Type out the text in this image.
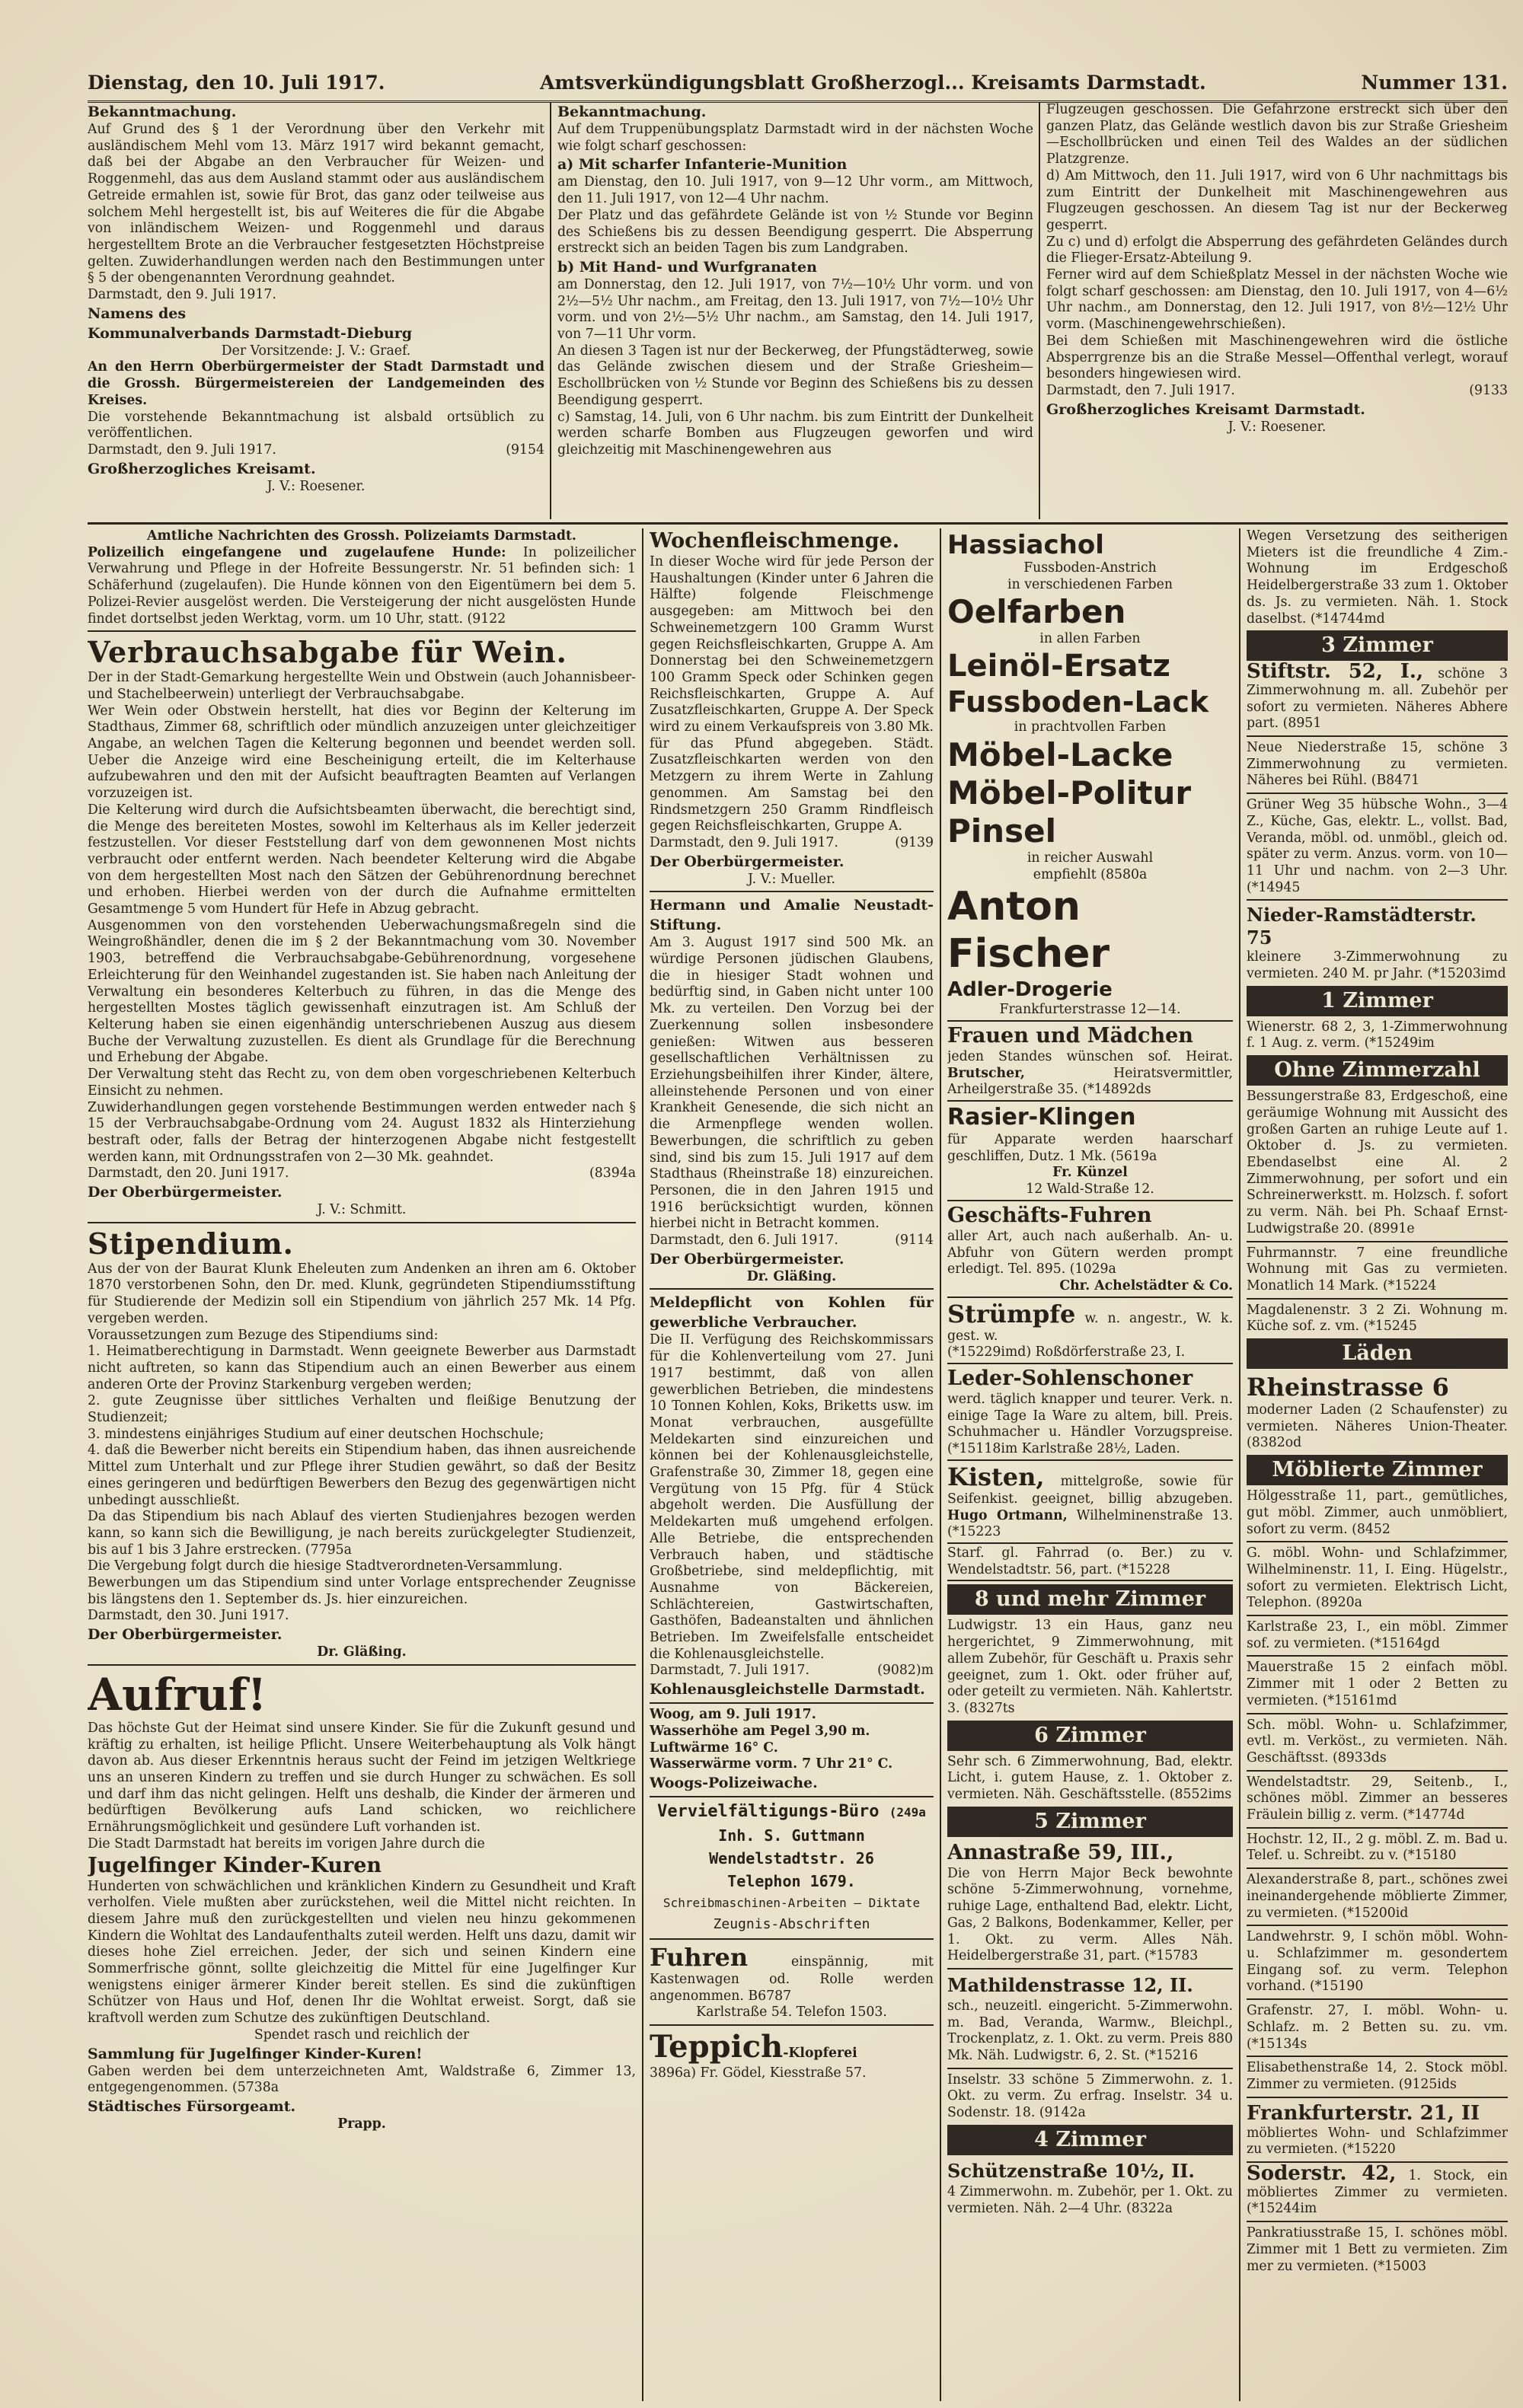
Dienstag, den 10. Juli 1917.	Amtsverkündigungsblatt Großherzogl... Kreisamts Darmstadt.	Nummer 131.

Bekanntmachung.

Auf Grund des § 1 der Verordnung über den Verkehr mit ausländischem Mehl vom 13. März 1917 wird bekannt gemacht, daß bei der Abgabe an den Verbraucher für Weizen- und Roggenmehl, das aus dem Ausland stammt oder aus ausländischem Getreide ermahlen ist, sowie für Brot, das ganz oder teilweise aus solchem Mehl hergestellt ist, bis auf Weiteres die für die Abgabe von inländischem Weizen- und Roggenmehl und daraus hergestelltem Brote an die Verbraucher festgesetzten Höchstpreise gelten. Zuwiderhandlungen werden nach den Bestimmungen unter § 5 der obengenannten Verordnung geahndet.

Darmstadt, den 9. Juli 1917.

Namens des

Kommunalverbands Darmstadt-Dieburg

Der Vorsitzende: J. V.: Graef.

An den Herrn Oberbürgermeister der Stadt Darmstadt und die Grossh. Bürgermeistereien der Landgemeinden des Kreises.

Die vorstehende Bekanntmachung ist alsbald ortsüblich zu veröffentlichen.

Darmstadt, den 9. Juli 1917.	(9154

Großherzogliches Kreisamt.

J. V.: Roesener.

Bekanntmachung.

Auf dem Truppenübungsplatz Darmstadt wird in der nächsten Woche wie folgt scharf geschossen:

a) Mit scharfer Infanterie-Munition

am Dienstag, den 10. Juli 1917, von 9—12 Uhr vorm., am Mittwoch, den 11. Juli 1917, von 12—4 Uhr nachm.

Der Platz und das gefährdete Gelände ist von ½ Stunde vor Beginn des Schießens bis zu dessen Beendigung gesperrt. Die Absperrung erstreckt sich an beiden Tagen bis zum Landgraben.

b) Mit Hand- und Wurfgranaten

am Donnerstag, den 12. Juli 1917, von 7½—10½ Uhr vorm. und von 2½—5½ Uhr nachm., am Freitag, den 13. Juli 1917, von 7½—10½ Uhr vorm. und von 2½—5½ Uhr nachm., am Samstag, den 14. Juli 1917, von 7—11 Uhr vorm.

An diesen 3 Tagen ist nur der Beckerweg, der Pfungstädterweg, sowie das Gelände zwischen diesem und der Straße Griesheim—Eschollbrücken von ½ Stunde vor Beginn des Schießens bis zu dessen Beendigung gesperrt.

c) Samstag, 14. Juli, von 6 Uhr nachm. bis zum Eintritt der Dunkelheit werden scharfe Bomben aus Flugzeugen geworfen und wird gleichzeitig mit Maschinengewehren aus

Flugzeugen geschossen. Die Gefahrzone erstreckt sich über den ganzen Platz, das Gelände westlich davon bis zur Straße Griesheim—Eschollbrücken und einen Teil des Waldes an der südlichen Platzgrenze.

d) Am Mittwoch, den 11. Juli 1917, wird von 6 Uhr nachmittags bis zum Eintritt der Dunkelheit mit Maschinengewehren aus Flugzeugen geschossen. An diesem Tag ist nur der Beckerweg gesperrt.

Zu c) und d) erfolgt die Absperrung des gefährdeten Geländes durch die Flieger-Ersatz-Abteilung 9.

Ferner wird auf dem Schießplatz Messel in der nächsten Woche wie folgt scharf geschossen: am Dienstag, den 10. Juli 1917, von 4—6½ Uhr nachm., am Donnerstag, den 12. Juli 1917, von 8½—12½ Uhr vorm. (Maschinengewehrschießen).

Bei dem Schießen mit Maschinengewehren wird die östliche Absperrgrenze bis an die Straße Messel—Offenthal verlegt, worauf besonders hingewiesen wird.

Darmstadt, den 7. Juli 1917.	(9133

Großherzogliches Kreisamt Darmstadt.

J. V.: Roesener.

Amtliche Nachrichten des Grossh. Polizeiamts Darmstadt.

Polizeilich eingefangene und zugelaufene Hunde: In polizeilicher Verwahrung und Pflege in der Hofreite Bessungerstr. Nr. 51 befinden sich: 1 Schäferhund (zugelaufen). Die Hunde können von den Eigentümern bei dem 5. Polizei-Revier ausgelöst werden. Die Versteigerung der nicht ausgelösten Hunde findet dortselbst jeden Werktag, vorm. um 10 Uhr, statt. (9122

Verbrauchsabgabe für Wein.

Der in der Stadt-Gemarkung hergestellte Wein und Obstwein (auch Johannisbeer- und Stachelbeerwein) unterliegt der Verbrauchsabgabe.

Wer Wein oder Obstwein herstellt, hat dies vor Beginn der Kelterung im Stadthaus, Zimmer 68, schriftlich oder mündlich anzuzeigen unter gleichzeitiger Angabe, an welchen Tagen die Kelterung begonnen und beendet werden soll. Ueber die Anzeige wird eine Bescheinigung erteilt, die im Kelterhause aufzubewahren und den mit der Aufsicht beauftragten Beamten auf Verlangen vorzuzeigen ist.

Die Kelterung wird durch die Aufsichtsbeamten überwacht, die berechtigt sind, die Menge des bereiteten Mostes, sowohl im Kelterhaus als im Keller jederzeit festzustellen. Vor dieser Feststellung darf von dem gewonnenen Most nichts verbraucht oder entfernt werden. Nach beendeter Kelterung wird die Abgabe von dem hergestellten Most nach den Sätzen der Gebührenordnung berechnet und erhoben. Hierbei werden von der durch die Aufnahme ermittelten Gesamtmenge 5 vom Hundert für Hefe in Abzug gebracht.

Ausgenommen von den vorstehenden Ueberwachungsmaßregeln sind die Weingroßhändler, denen die im § 2 der Bekanntmachung vom 30. November 1903, betreffend die Verbrauchsabgabe-Gebührenordnung, vorgesehene Erleichterung für den Weinhandel zugestanden ist. Sie haben nach Anleitung der Verwaltung ein besonderes Kelterbuch zu führen, in das die Menge des hergestellten Mostes täglich gewissenhaft einzutragen ist. Am Schluß der Kelterung haben sie einen eigenhändig unterschriebenen Auszug aus diesem Buche der Verwaltung zuzustellen. Es dient als Grundlage für die Berechnung und Erhebung der Abgabe.

Der Verwaltung steht das Recht zu, von dem oben vorgeschriebenen Kelterbuch Einsicht zu nehmen.

Zuwiderhandlungen gegen vorstehende Bestimmungen werden entweder nach § 15 der Verbrauchsabgabe-Ordnung vom 24. August 1832 als Hinterziehung bestraft oder, falls der Betrag der hinterzogenen Abgabe nicht festgestellt werden kann, mit Ordnungsstrafen von 2—30 Mk. geahndet.

Darmstadt, den 20. Juni 1917.	(8394a

Der Oberbürgermeister.

J. V.: Schmitt.

Stipendium.

Aus der von der Baurat Klunk Eheleuten zum Andenken an ihren am 6. Oktober 1870 verstorbenen Sohn, den Dr. med. Klunk, gegründeten Stipendiumsstiftung für Studierende der Medizin soll ein Stipendium von jährlich 257 Mk. 14 Pfg. vergeben werden.

Voraussetzungen zum Bezuge des Stipendiums sind:

1. Heimatberechtigung in Darmstadt. Wenn geeignete Bewerber aus Darmstadt nicht auftreten, so kann das Stipendium auch an einen Bewerber aus einem anderen Orte der Provinz Starkenburg vergeben werden;

2. gute Zeugnisse über sittliches Verhalten und fleißige Benutzung der Studienzeit;

3. mindestens einjähriges Studium auf einer deutschen Hochschule;

4. daß die Bewerber nicht bereits ein Stipendium haben, das ihnen ausreichende Mittel zum Unterhalt und zur Pflege ihrer Studien gewährt, so daß der Besitz eines geringeren und bedürftigen Bewerbers den Bezug des gegenwärtigen nicht unbedingt ausschließt.

Da das Stipendium bis nach Ablauf des vierten Studienjahres bezogen werden kann, so kann sich die Bewilligung, je nach bereits zurückgelegter Studienzeit, bis auf 1 bis 3 Jahre erstrecken. (7795a

Die Vergebung folgt durch die hiesige Stadtverordneten-Versammlung.

Bewerbungen um das Stipendium sind unter Vorlage entsprechender Zeugnisse bis längstens den 1. September ds. Js. hier einzureichen.

Darmstadt, den 30. Juni 1917.

Der Oberbürgermeister.

Dr. Gläßing.

Aufruf!

Das höchste Gut der Heimat sind unsere Kinder. Sie für die Zukunft gesund und kräftig zu erhalten, ist heilige Pflicht. Unsere Weiterbehauptung als Volk hängt davon ab. Aus dieser Erkenntnis heraus sucht der Feind im jetzigen Weltkriege uns an unseren Kindern zu treffen und sie durch Hunger zu schwächen. Es soll und darf ihm das nicht gelingen. Helft uns deshalb, die Kinder der ärmeren und bedürftigen Bevölkerung aufs Land schicken, wo reichlichere Ernährungsmöglichkeit und gesündere Luft vorhanden ist.

Die Stadt Darmstadt hat bereits im vorigen Jahre durch die

Jugelfinger Kinder-Kuren

Hunderten von schwächlichen und kränklichen Kindern zu Gesundheit und Kraft verholfen. Viele mußten aber zurückstehen, weil die Mittel nicht reichten. In diesem Jahre muß den zurückgestellten und vielen neu hinzu gekommenen Kindern die Wohltat des Landaufenthalts zuteil werden. Helft uns dazu, damit wir dieses hohe Ziel erreichen. Jeder, der sich und seinen Kindern eine Sommerfrische gönnt, sollte gleichzeitig die Mittel für eine Jugelfinger Kur wenigstens einiger ärmerer Kinder bereit stellen. Es sind die zukünftigen Schützer von Haus und Hof, denen Ihr die Wohltat erweist. Sorgt, daß sie kraftvoll werden zum Schutze des zukünftigen Deutschland.

Spendet rasch und reichlich der

Sammlung für Jugelfinger Kinder-Kuren!

Gaben werden bei dem unterzeichneten Amt, Waldstraße 6, Zimmer 13, entgegengenommen. (5738a

Städtisches Fürsorgeamt.

Prapp.

Wochenfleischmenge.

In dieser Woche wird für jede Person der Haushaltungen (Kinder unter 6 Jahren die Hälfte) folgende Fleischmenge ausgegeben: am Mittwoch bei den Schweinemetzgern 100 Gramm Wurst gegen Reichsfleischkarten, Gruppe A. Am Donnerstag bei den Schweinemetzgern 100 Gramm Speck oder Schinken gegen Reichsfleischkarten, Gruppe A. Auf Zusatzfleischkarten, Gruppe A. Der Speck wird zu einem Verkaufspreis von 3.80 Mk. für das Pfund abgegeben. Städt. Zusatzfleischkarten werden von den Metzgern zu ihrem Werte in Zahlung genommen. Am Samstag bei den Rindsmetzgern 250 Gramm Rindfleisch gegen Reichsfleischkarten, Gruppe A.

Darmstadt, den 9. Juli 1917.	(9139

Der Oberbürgermeister.

J. V.: Mueller.

Hermann und Amalie Neustadt-Stiftung.

Am 3. August 1917 sind 500 Mk. an würdige Personen jüdischen Glaubens, die in hiesiger Stadt wohnen und bedürftig sind, in Gaben nicht unter 100 Mk. zu verteilen. Den Vorzug bei der Zuerkennung sollen insbesondere genießen: Witwen aus besseren gesellschaftlichen Verhältnissen zu Erziehungsbeihilfen ihrer Kinder, ältere, alleinstehende Personen und von einer Krankheit Genesende, die sich nicht an die Armenpflege wenden wollen. Bewerbungen, die schriftlich zu geben sind, sind bis zum 15. Juli 1917 auf dem Stadthaus (Rheinstraße 18) einzureichen. Personen, die in den Jahren 1915 und 1916 berücksichtigt wurden, können hierbei nicht in Betracht kommen.

Darmstadt, den 6. Juli 1917.	(9114

Der Oberbürgermeister.

Dr. Gläßing.

Meldepflicht von Kohlen für gewerbliche Verbraucher.

Die II. Verfügung des Reichskommissars für die Kohlenverteilung vom 27. Juni 1917 bestimmt, daß von allen gewerblichen Betrieben, die mindestens 10 Tonnen Kohlen, Koks, Briketts usw. im Monat verbrauchen, ausgefüllte Meldekarten sind einzureichen und können bei der Kohlenausgleichstelle, Grafenstraße 30, Zimmer 18, gegen eine Vergütung von 15 Pfg. für 4 Stück abgeholt werden. Die Ausfüllung der Meldekarten muß umgehend erfolgen. Alle Betriebe, die entsprechenden Verbrauch haben, und städtische Großbetriebe, sind meldepflichtig, mit Ausnahme von Bäckereien, Schlächtereien, Gastwirtschaften, Gasthöfen, Badeanstalten und ähnlichen Betrieben. Im Zweifelsfalle entscheidet die Kohlenausgleichstelle.

Darmstadt, 7. Juli 1917.	(9082)m

Kohlenausgleichstelle Darmstadt.

Woog, am 9. Juli 1917.

Wasserhöhe am Pegel 3,90 m.

Luftwärme 16° C.

Wasserwärme vorm. 7 Uhr 21° C.

Woogs-Polizeiwache.

Vervielfältigungs-Büro (249a

Inh. S. Guttmann

Wendelstadtstr. 26

Telephon 1679.

Schreibmaschinen-Arbeiten — Diktate

Zeugnis-Abschriften

Fuhren	einspännig, mit Kastenwagen od. Rolle werden angenommen. B6787

Karlstraße 54. Telefon 1503.

Teppich-Klopferei

3896a) Fr. Gödel, Kiesstraße 57.

Hassiachol

Fussboden-Anstrich

in verschiedenen Farben

Oelfarben

in allen Farben

Leinöl-Ersatz

Fussboden-Lack

in prachtvollen Farben

Möbel-Lacke

Möbel-Politur

Pinsel

in reicher Auswahl

empfiehlt (8580a

Anton Fischer

Adler-Drogerie

Frankfurterstrasse 12—14.

Frauen und Mädchen

jeden Standes wünschen sof. Heirat. Brutscher,	Heiratsvermittler, Arheilgerstraße 35. (*14892ds

Rasier-Klingen

für Apparate werden haarscharf geschliffen, Dutz. 1 Mk. (5619a

Fr. Künzel

12 Wald-Straße 12.

Geschäfts-Fuhren

aller Art, auch nach außerhalb. An- u. Abfuhr von Gütern werden prompt erledigt. Tel. 895. (1029a

Chr. Achelstädter & Co.

Strümpfe w. n. angestr., W. k. gest. w.

(*15229imd) Roßdörferstraße 23, I.

Leder-Sohlenschoner

werd. täglich knapper und teurer. Verk. n. einige Tage Ia Ware zu altem, bill. Preis. Schuhmacher u. Händler Vorzugspreise. (*15118im Karlstraße 28½, Laden.

Kisten, mittelgroße, sowie für Seifenkist. geeignet, billig abzugeben. Hugo Ortmann, Wilhelminenstraße 13. (*15223

Starf. gl. Fahrrad (o. Ber.) zu v. Wendelstadtstr. 56, part. (*15228

8 und mehr Zimmer

Ludwigstr. 13 ein Haus, ganz neu hergerichtet, 9 Zimmerwohnung, mit allem Zubehör, für Geschäft u. Praxis sehr geeignet, zum 1. Okt. oder früher auf, oder geteilt zu vermieten. Näh. Kahlertstr. 3. (8327ts

6 Zimmer

Sehr sch. 6 Zimmerwohnung, Bad, elektr. Licht, i. gutem Hause, z. 1. Oktober z. vermieten. Näh. Geschäftsstelle. (8552ims

5 Zimmer

Annastraße 59, III.,

Die von Herrn Major Beck bewohnte schöne 5-Zimmerwohnung, vornehme, ruhige Lage, enthaltend Bad, elektr. Licht, Gas, 2 Balkons, Bodenkammer, Keller, per 1. Okt. zu verm. Alles Näh. Heidelbergerstraße 31, part. (*15783

Mathildenstrasse 12, II.

sch., neuzeitl. eingericht. 5-Zimmerwohn. m. Bad, Veranda, Warmw., Bleichpl., Trockenplatz, z. 1. Okt. zu verm. Preis 880 Mk. Näh. Ludwigstr. 6, 2. St. (*15216

Inselstr. 33 schöne 5 Zimmerwohn. z. 1. Okt. zu verm. Zu erfrag. Inselstr. 34 u. Sodenstr. 18. (9142a

4 Zimmer

Schützenstraße 10½, II.

4 Zimmerwohn. m. Zubehör, per 1. Okt. zu vermieten. Näh. 2—4 Uhr. (8322a

Wegen Versetzung des seitherigen Mieters ist die freundliche 4 Zim.-Wohnung im Erdgeschoß Heidelbergerstraße 33 zum 1. Oktober ds. Js. zu vermieten. Näh. 1. Stock daselbst. (*14744md

3 Zimmer

Stiftstr. 52, I., schöne 3 Zimmerwohnung m. all. Zubehör per sofort zu vermieten. Näheres Abhere part. (8951

Neue Niederstraße 15, schöne 3 Zimmerwohnung zu vermieten. Näheres bei Rühl. (B8471

Grüner Weg 35 hübsche Wohn., 3—4 Z., Küche, Gas, elektr. L., vollst. Bad, Veranda, möbl. od. unmöbl., gleich od. später zu verm. Anzus. vorm. von 10—11 Uhr und nachm. von 2—3 Uhr. (*14945

Nieder-Ramstädterstr. 75

kleinere 3-Zimmerwohnung zu vermieten. 240 M. pr Jahr. (*15203imd

1 Zimmer

Wienerstr. 68 2, 3, 1-Zimmerwohnung f. 1 Aug. z. verm. (*15249im

Ohne Zimmerzahl

Bessungerstraße 83, Erdgeschoß, eine geräumige Wohnung mit Aussicht des großen Garten an ruhige Leute auf 1. Oktober d. Js. zu vermieten. Ebendaselbst eine Al. 2 Zimmerwohnung, per sofort und ein Schreinerwerkstt. m. Holzsch. f. sofort zu verm. Näh. bei Ph. Schaaf Ernst-Ludwigstraße 20. (8991e

Fuhrmannstr. 7 eine freundliche Wohnung mit Gas zu vermieten. Monatlich 14 Mark. (*15224

Magdalenenstr. 3 2 Zi. Wohnung m. Küche sof. z. vm. (*15245

Läden

Rheinstrasse 6

moderner Laden (2 Schaufenster) zu vermieten. Näheres Union-Theater. (8382od

Möblierte Zimmer

Hölgesstraße 11, part., gemütliches, gut möbl. Zimmer, auch unmöbliert, sofort zu verm. (8452

G. möbl. Wohn- und Schlafzimmer, Wilhelminenstr. 11, I. Eing. Hügelstr., sofort zu vermieten. Elektrisch Licht, Telephon. (8920a

Karlstraße 23, I., ein möbl. Zimmer sof. zu vermieten. (*15164gd

Mauerstraße 15 2 einfach möbl. Zimmer mit 1 oder 2 Betten zu vermieten. (*15161md

Sch. möbl. Wohn- u. Schlafzimmer, evtl. m. Verköst., zu vermieten. Näh. Geschäftsst. (8933ds

Wendelstadtstr. 29, Seitenb., I., schönes möbl. Zimmer an besseres Fräulein billig z. verm. (*14774d

Hochstr. 12, II., 2 g. möbl. Z. m. Bad u. Telef. u. Schreibt. zu v. (*15180

Alexanderstraße 8, part., schönes zwei ineinandergehende möblierte Zimmer, zu vermieten. (*15200id

Landwehrstr. 9, I schön möbl. Wohn- u. Schlafzimmer m. gesondertem Eingang sof. zu verm. Telephon vorhand. (*15190

Grafenstr. 27, I. möbl. Wohn- u. Schlafz. m. 2 Betten su. zu. vm. (*15134s

Elisabethenstraße 14, 2. Stock möbl. Zimmer zu vermieten. (9125ids

Frankfurterstr. 21, II

möbliertes Wohn- und Schlafzimmer zu vermieten. (*15220

Soderstr. 42, 1. Stock, ein möbliertes Zimmer zu vermieten. (*15244im

Pankratiusstraße 15, I. schönes möbl. Zimmer mit 1 Bett zu vermieten. Zim mer zu vermieten. (*15003
